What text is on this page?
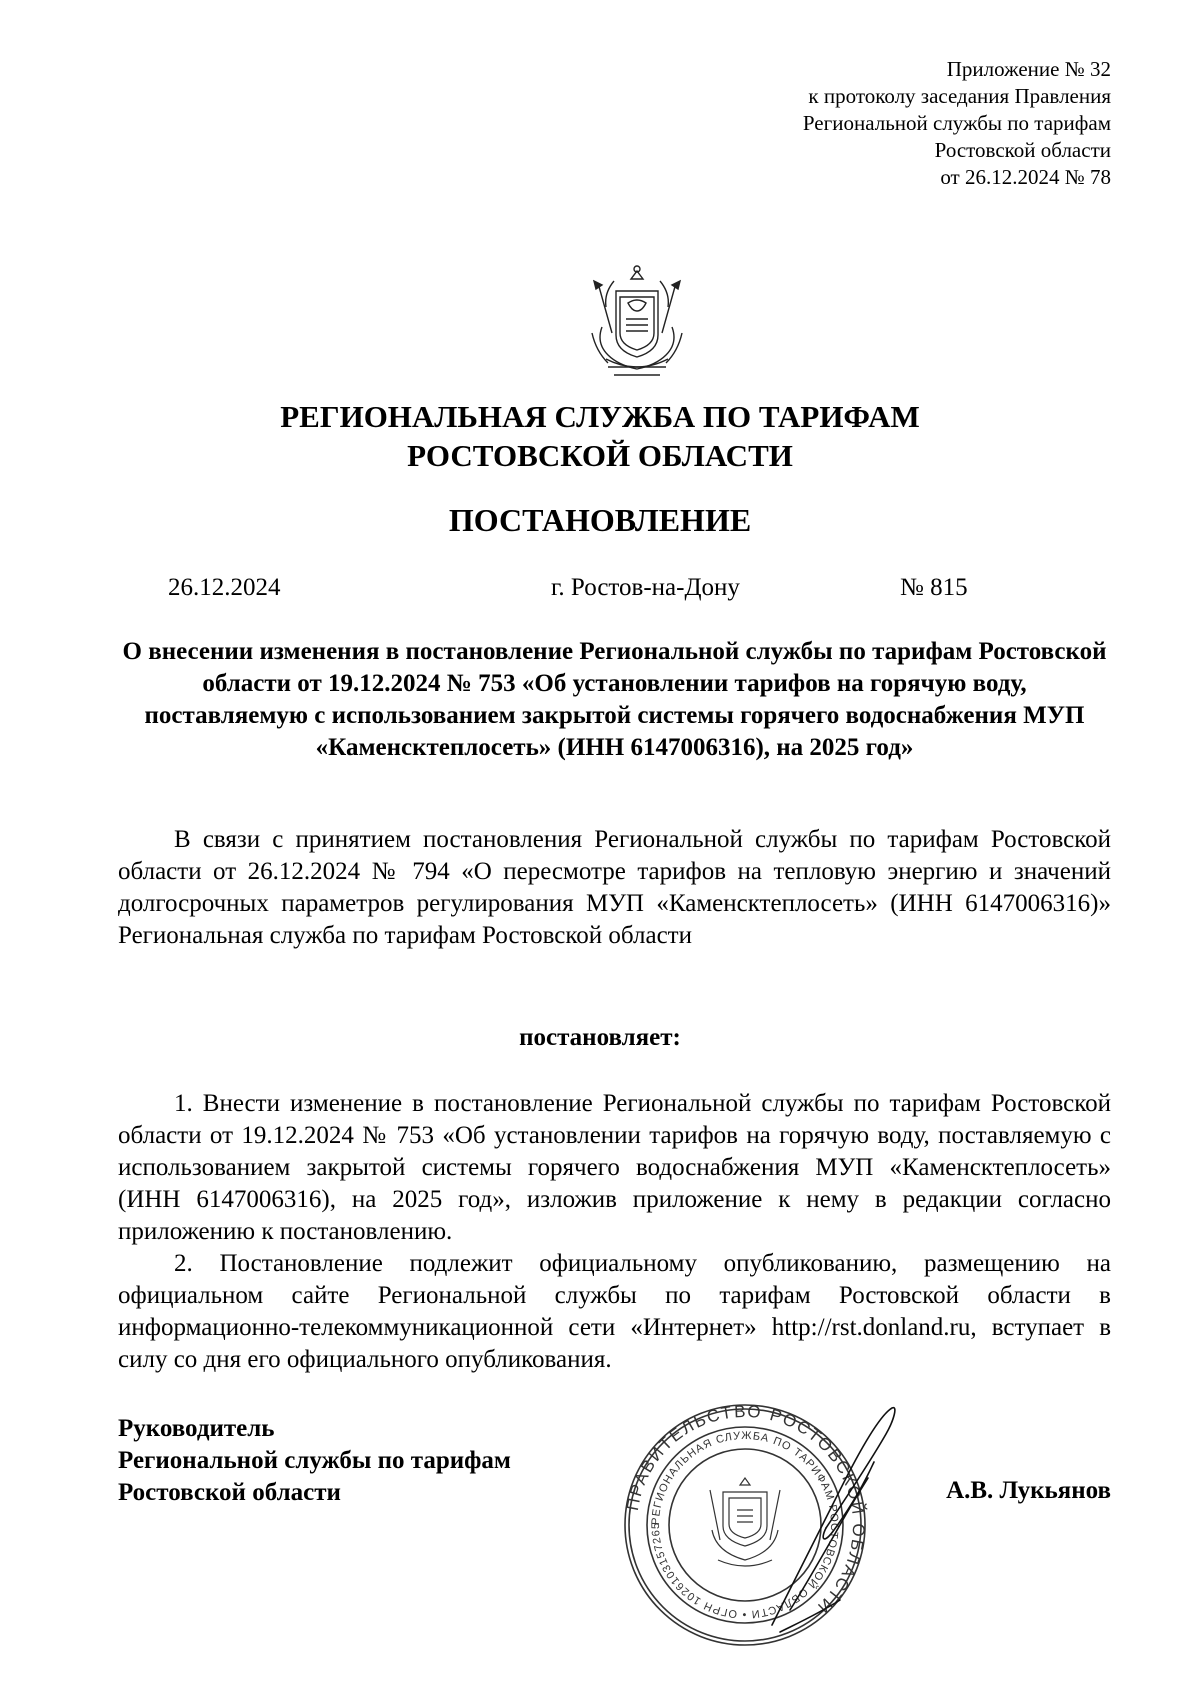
Приложение № 32
к протоколу заседания Правления
Региональной службы по тарифам
Ростовской области
от 26.12.2024 № 78
РЕГИОНАЛЬНАЯ СЛУЖБА ПО ТАРИФАМ
РОСТОВСКОЙ ОБЛАСТИ
ПОСТАНОВЛЕНИЕ
26.12.2024	г. Ростов-на-Дону	№ 815
О внесении изменения в постановление Региональной службы по тарифам Ростовской области от 19.12.2024 № 753 «Об установлении тарифов на горячую воду, поставляемую с использованием закрытой системы горячего водоснабжения МУП «Каменсктеплосеть» (ИНН 6147006316), на 2025 год»
В связи с принятием постановления Региональной службы по тарифам Ростовской области от 26.12.2024 № 794 «О пересмотре тарифов на тепловую энергию и значений долгосрочных параметров регулирования МУП «Каменсктеплосеть» (ИНН 6147006316)» Региональная служба по тарифам Ростовской области
постановляет:
1. Внести изменение в постановление Региональной службы по тарифам Ростовской области от 19.12.2024 № 753 «Об установлении тарифов на горячую воду, поставляемую с использованием закрытой системы горячего водоснабжения МУП «Каменсктеплосеть» (ИНН 6147006316), на 2025 год», изложив приложение к нему в редакции согласно приложению к постановлению.
2. Постановление подлежит официальному опубликованию, размещению на официальном сайте Региональной службы по тарифам Ростовской области в информационно-телекоммуникационной сети «Интернет» http://rst.donland.ru, вступает в силу со дня его официального опубликования.
Руководитель
Региональной службы по тарифам
Ростовской области	А.В. Лукьянов
ПРАВИТЕЛЬСТВО РОСТОВСКОЙ ОБЛАСТИ
РЕГИОНАЛЬНАЯ СЛУЖБА ПО ТАРИФАМ РОСТОВСКОЙ ОБЛАСТИ • ОГРН 1026103157265
